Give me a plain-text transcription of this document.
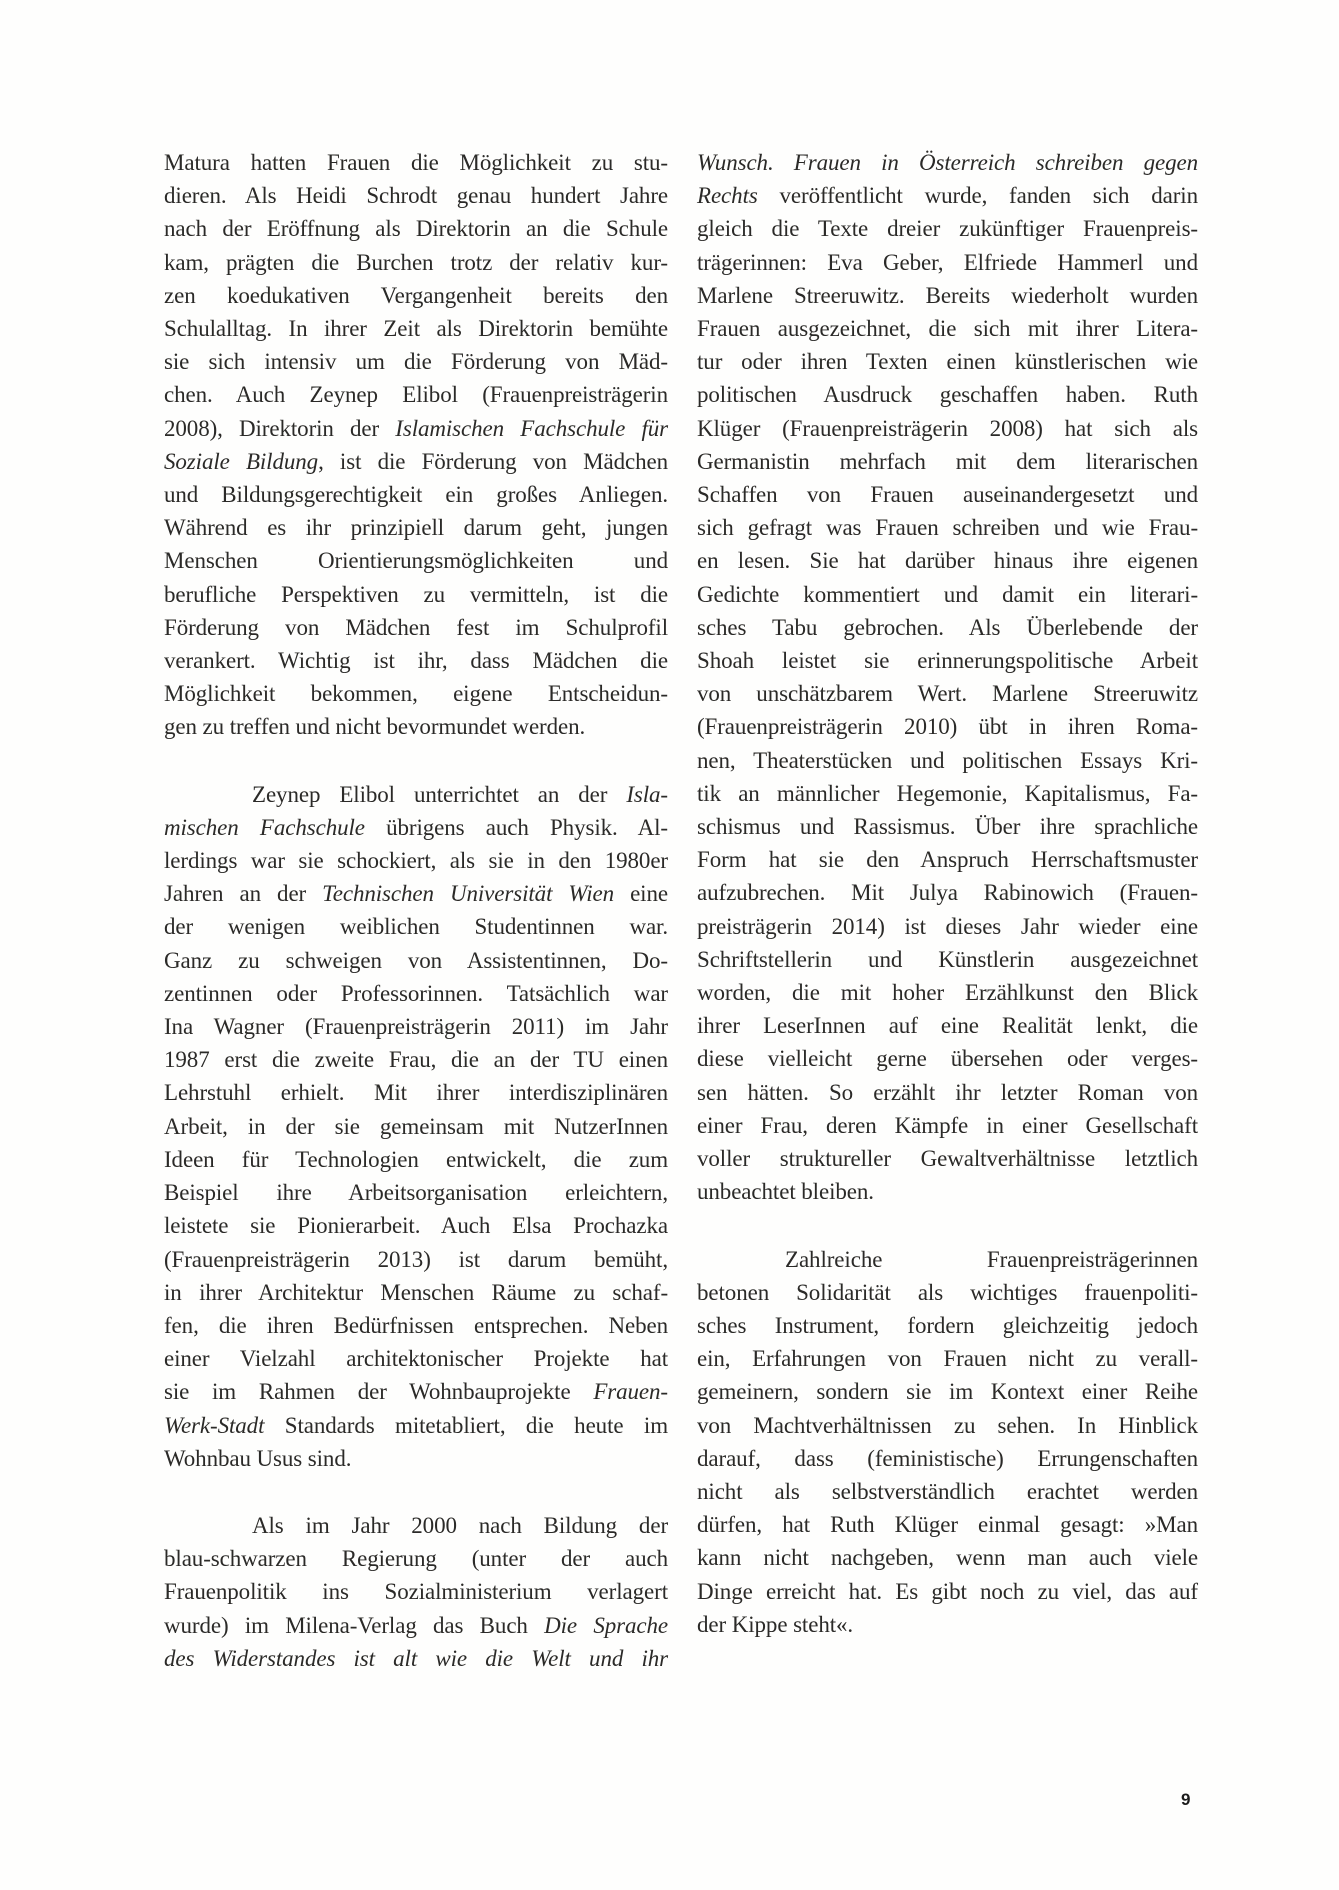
Matura hatten Frauen die Möglichkeit zu stu-
dieren. Als Heidi Schrodt genau hundert Jahre
nach der Eröffnung als Direktorin an die Schule
kam, prägten die Burchen trotz der relativ kur-
zen koedukativen Vergangenheit bereits den
Schulalltag. In ihrer Zeit als Direktorin bemühte
sie sich intensiv um die Förderung von Mäd-
chen. Auch Zeynep Elibol (Frauenpreisträgerin
2008), Direktorin der Islamischen Fachschule für
Soziale Bildung, ist die Förderung von Mädchen
und Bildungsgerechtigkeit ein großes Anliegen.
Während es ihr prinzipiell darum geht, jungen
Menschen Orientierungsmöglichkeiten und
berufliche Perspektiven zu vermitteln, ist die
Förderung von Mädchen fest im Schulprofil
verankert. Wichtig ist ihr, dass Mädchen die
Möglichkeit bekommen, eigene Entscheidun-
gen zu treffen und nicht bevormundet werden.
Zeynep Elibol unterrichtet an der Isla-
mischen Fachschule übrigens auch Physik. Al-
lerdings war sie schockiert, als sie in den 1980er
Jahren an der Technischen Universität Wien eine
der wenigen weiblichen Studentinnen war.
Ganz zu schweigen von Assistentinnen, Do-
zentinnen oder Professorinnen. Tatsächlich war
Ina Wagner (Frauenpreisträgerin 2011) im Jahr
1987 erst die zweite Frau, die an der TU einen
Lehrstuhl erhielt. Mit ihrer interdisziplinären
Arbeit, in der sie gemeinsam mit NutzerInnen
Ideen für Technologien entwickelt, die zum
Beispiel ihre Arbeitsorganisation erleichtern,
leistete sie Pionierarbeit. Auch Elsa Prochazka
(Frauenpreisträgerin 2013) ist darum bemüht,
in ihrer Architektur Menschen Räume zu schaf-
fen, die ihren Bedürfnissen entsprechen. Neben
einer Vielzahl architektonischer Projekte hat
sie im Rahmen der Wohnbauprojekte Frauen-
Werk-Stadt Standards mitetabliert, die heute im
Wohnbau Usus sind.
Als im Jahr 2000 nach Bildung der
blau-schwarzen Regierung (unter der auch
Frauenpolitik ins Sozialministerium verlagert
wurde) im Milena-Verlag das Buch Die Sprache
des Widerstandes ist alt wie die Welt und ihr
Wunsch. Frauen in Österreich schreiben gegen
Rechts veröffentlicht wurde, fanden sich darin
gleich die Texte dreier zukünftiger Frauenpreis-
trägerinnen: Eva Geber, Elfriede Hammerl und
Marlene Streeruwitz. Bereits wiederholt wurden
Frauen ausgezeichnet, die sich mit ihrer Litera-
tur oder ihren Texten einen künstlerischen wie
politischen Ausdruck geschaffen haben. Ruth
Klüger (Frauenpreisträgerin 2008) hat sich als
Germanistin mehrfach mit dem literarischen
Schaffen von Frauen auseinandergesetzt und
sich gefragt was Frauen schreiben und wie Frau-
en lesen. Sie hat darüber hinaus ihre eigenen
Gedichte kommentiert und damit ein literari-
sches Tabu gebrochen. Als Überlebende der
Shoah leistet sie erinnerungspolitische Arbeit
von unschätzbarem Wert. Marlene Streeruwitz
(Frauenpreisträgerin 2010) übt in ihren Roma-
nen, Theaterstücken und politischen Essays Kri-
tik an männlicher Hegemonie, Kapitalismus, Fa-
schismus und Rassismus. Über ihre sprachliche
Form hat sie den Anspruch Herrschaftsmuster
aufzubrechen. Mit Julya Rabinowich (Frauen-
preisträgerin 2014) ist dieses Jahr wieder eine
Schriftstellerin und Künstlerin ausgezeichnet
worden, die mit hoher Erzählkunst den Blick
ihrer LeserInnen auf eine Realität lenkt, die
diese vielleicht gerne übersehen oder verges-
sen hätten. So erzählt ihr letzter Roman von
einer Frau, deren Kämpfe in einer Gesellschaft
voller struktureller Gewaltverhältnisse letztlich
unbeachtet bleiben.
Zahlreiche Frauenpreisträgerinnen
betonen Solidarität als wichtiges frauenpoliti-
sches Instrument, fordern gleichzeitig jedoch
ein, Erfahrungen von Frauen nicht zu verall-
gemeinern, sondern sie im Kontext einer Reihe
von Machtverhältnissen zu sehen. In Hinblick
darauf, dass (feministische) Errungenschaften
nicht als selbstverständlich erachtet werden
dürfen, hat Ruth Klüger einmal gesagt: »Man
kann nicht nachgeben, wenn man auch viele
Dinge erreicht hat. Es gibt noch zu viel, das auf
der Kippe steht«.
9
